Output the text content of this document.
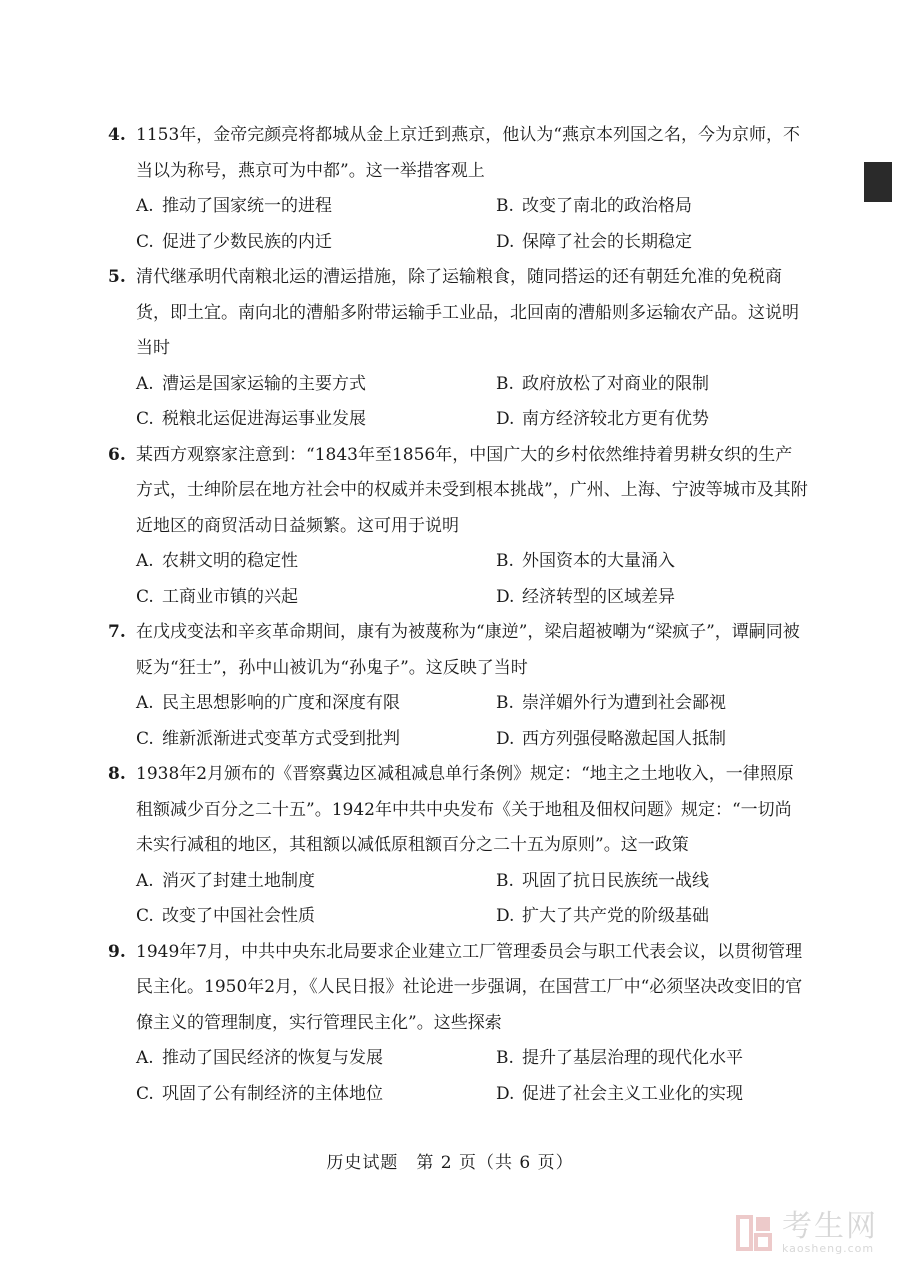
4. 1153年，金帝完颜亮将都城从金上京迁到燕京，他认为“燕京本列国之名，今为京师，不当以为称号，燕京可为中都”。这一举措客观上
A. 推动了国家统一的进程	B. 改变了南北的政治格局
C. 促进了少数民族的内迁	D. 保障了社会的长期稳定
5. 清代继承明代南粮北运的漕运措施，除了运输粮食，随同搭运的还有朝廷允准的免税商货，即土宜。南向北的漕船多附带运输手工业品，北回南的漕船则多运输农产品。这说明当时
A. 漕运是国家运输的主要方式	B. 政府放松了对商业的限制
C. 税粮北运促进海运事业发展	D. 南方经济较北方更有优势
6. 某西方观察家注意到：“1843年至1856年，中国广大的乡村依然维持着男耕女织的生产方式，士绅阶层在地方社会中的权威并未受到根本挑战”，广州、上海、宁波等城市及其附近地区的商贸活动日益频繁。这可用于说明
A. 农耕文明的稳定性	B. 外国资本的大量涌入
C. 工商业市镇的兴起	D. 经济转型的区域差异
7. 在戊戌变法和辛亥革命期间，康有为被蔑称为“康逆”，梁启超被嘲为“梁疯子”，谭嗣同被贬为“狂士”，孙中山被讥为“孙鬼子”。这反映了当时
A. 民主思想影响的广度和深度有限	B. 崇洋媚外行为遭到社会鄙视
C. 维新派渐进式变革方式受到批判	D. 西方列强侵略激起国人抵制
8. 1938年2月颁布的《晋察冀边区减租减息单行条例》规定：“地主之土地收入，一律照原租额减少百分之二十五”。1942年中共中央发布《关于地租及佃权问题》规定：“一切尚未实行减租的地区，其租额以减低原租额百分之二十五为原则”。这一政策
A. 消灭了封建土地制度	B. 巩固了抗日民族统一战线
C. 改变了中国社会性质	D. 扩大了共产党的阶级基础
9. 1949年7月，中共中央东北局要求企业建立工厂管理委员会与职工代表会议，以贯彻管理民主化。1950年2月，《人民日报》社论进一步强调，在国营工厂中“必须坚决改变旧的官僚主义的管理制度，实行管理民主化”。这些探索
A. 推动了国民经济的恢复与发展	B. 提升了基层治理的现代化水平
C. 巩固了公有制经济的主体地位	D. 促进了社会主义工业化的实现
历史试题　第 2 页（共 6 页）
考生网
kaosheng.com
